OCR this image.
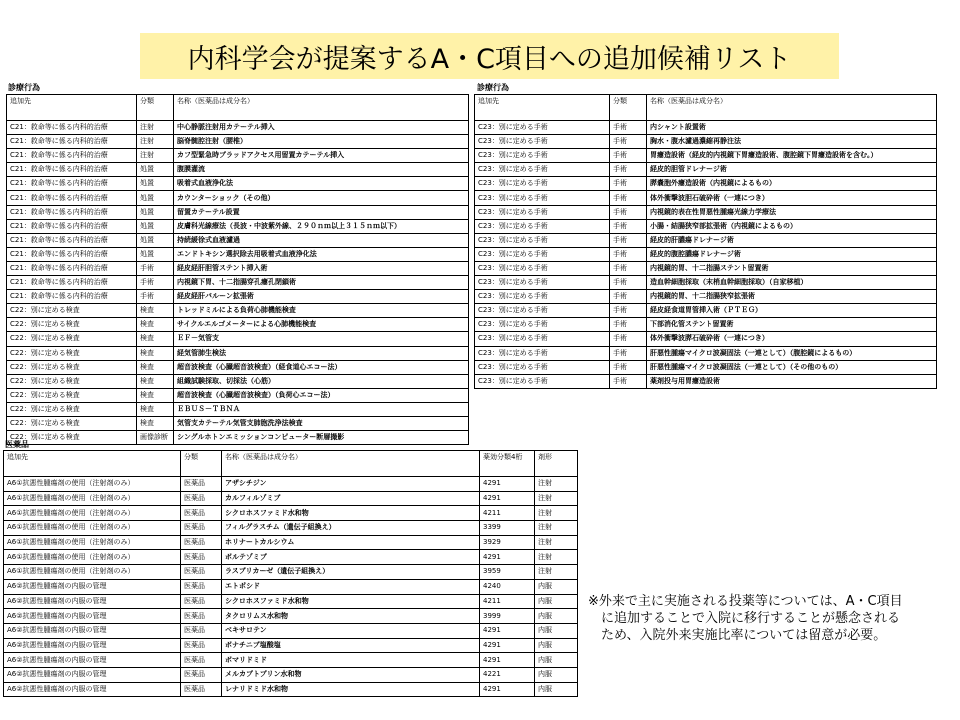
内科学会が提案するA・C項目への追加候補リスト
診療行為
追加先	分類	名称（医薬品は成分名）
C21：救命等に係る内科的治療	注射	中心静脈注射用カテーテル挿入
C21：救命等に係る内科的治療	注射	脳脊髄腔注射（腰椎）
C21：救命等に係る内科的治療	注射	カフ型緊急時ブラッドアクセス用留置カテーテル挿入
C21：救命等に係る内科的治療	処置	腹膜灌流
C21：救命等に係る内科的治療	処置	吸着式血液浄化法
C21：救命等に係る内科的治療	処置	カウンターショック（その他）
C21：救命等に係る内科的治療	処置	留置カテーテル設置
C21：救命等に係る内科的治療	処置	皮膚科光線療法（長波・中波紫外線、２９０ｎｍ以上３１５ｎｍ以下）
C21：救命等に係る内科的治療	処置	持続緩徐式血液濾過
C21：救命等に係る内科的治療	処置	エンドトキシン選択除去用吸着式血液浄化法
C21：救命等に係る内科的治療	手術	経皮経肝胆管ステント挿入術
C21：救命等に係る内科的治療	手術	内視鏡下胃、十二指腸穿孔瘻孔閉鎖術
C21：救命等に係る内科的治療	手術	経皮経肝バルーン拡張術
C22：別に定める検査	検査	トレッドミルによる負荷心肺機能検査
C22：別に定める検査	検査	サイクルエルゴメーターによる心肺機能検査
C22：別に定める検査	検査	ＥＦ－気管支
C22：別に定める検査	検査	経気管肺生検法
C22：別に定める検査	検査	超音波検査（心臓超音波検査）（経食道心エコー法）
C22：別に定める検査	検査	組織試験採取、切採法（心筋）
C22：別に定める検査	検査	超音波検査（心臓超音波検査）（負荷心エコー法）
C22：別に定める検査	検査	ＥＢＵＳ－ＴＢＮＡ
C22：別に定める検査	検査	気管支カテーテル気管支肺胞洗浄法検査
C22：別に定める検査	画像診断	シングルホトンエミッションコンピューター断層撮影
診療行為
追加先	分類	名称（医薬品は成分名）
C23：別に定める手術	手術	内シャント設置術
C23：別に定める手術	手術	胸水・腹水濾過濃縮再静注法
C23：別に定める手術	手術	胃瘻造設術（経皮的内視鏡下胃瘻造設術、腹腔鏡下胃瘻造設術を含む。）
C23：別に定める手術	手術	経皮的胆管ドレナージ術
C23：別に定める手術	手術	膵嚢胞外瘻造設術（内視鏡によるもの）
C23：別に定める手術	手術	体外衝撃波胆石破砕術（一連につき）
C23：別に定める手術	手術	内視鏡的表在性胃悪性腫瘍光線力学療法
C23：別に定める手術	手術	小腸・結腸狭窄部拡張術（内視鏡によるもの）
C23：別に定める手術	手術	経皮的肝膿瘍ドレナージ術
C23：別に定める手術	手術	経皮的腹腔膿瘍ドレナージ術
C23：別に定める手術	手術	内視鏡的胃、十二指腸ステント留置術
C23：別に定める手術	手術	造血幹細胞採取（末梢血幹細胞採取）（自家移植）
C23：別に定める手術	手術	内視鏡的胃、十二指腸狭窄拡張術
C23：別に定める手術	手術	経皮経食道胃管挿入術（ＰＴＥＧ）
C23：別に定める手術	手術	下部消化管ステント留置術
C23：別に定める手術	手術	体外衝撃波膵石破砕術（一連につき）
C23：別に定める手術	手術	肝悪性腫瘍マイクロ波凝固法（一連として）（腹腔鏡によるもの）
C23：別に定める手術	手術	肝悪性腫瘍マイクロ波凝固法（一連として）（その他のもの）
C23：別に定める手術	手術	薬剤投与用胃瘻造設術
医薬品
追加先	分類	名称（医薬品は成分名）	薬効分類4桁	剤形
A6①抗悪性腫瘍剤の使用（注射剤のみ）	医薬品	アザシチジン	4291	注射
A6①抗悪性腫瘍剤の使用（注射剤のみ）	医薬品	カルフィルゾミブ	4291	注射
A6①抗悪性腫瘍剤の使用（注射剤のみ）	医薬品	シクロホスファミド水和物	4211	注射
A6①抗悪性腫瘍剤の使用（注射剤のみ）	医薬品	フィルグラスチム（遺伝子組換え）	3399	注射
A6①抗悪性腫瘍剤の使用（注射剤のみ）	医薬品	ホリナートカルシウム	3929	注射
A6①抗悪性腫瘍剤の使用（注射剤のみ）	医薬品	ボルテゾミブ	4291	注射
A6①抗悪性腫瘍剤の使用（注射剤のみ）	医薬品	ラスブリカーゼ（遺伝子組換え）	3959	注射
A6②抗悪性腫瘍剤の内服の管理	医薬品	エトポシド	4240	内服
A6②抗悪性腫瘍剤の内服の管理	医薬品	シクロホスファミド水和物	4211	内服
A6②抗悪性腫瘍剤の内服の管理	医薬品	タクロリムス水和物	3999	内服
A6②抗悪性腫瘍剤の内服の管理	医薬品	ベキサロテン	4291	内服
A6②抗悪性腫瘍剤の内服の管理	医薬品	ボナチニブ塩酸塩	4291	内服
A6②抗悪性腫瘍剤の内服の管理	医薬品	ボマリドミド	4291	内服
A6②抗悪性腫瘍剤の内服の管理	医薬品	メルカプトプリン水和物	4221	内服
A6②抗悪性腫瘍剤の内服の管理	医薬品	レナリドミド水和物	4291	内服
※外来で主に実施される投薬等については、A・C項目
に追加することで入院に移行することが懸念される
ため、入院外来実施比率については留意が必要。
